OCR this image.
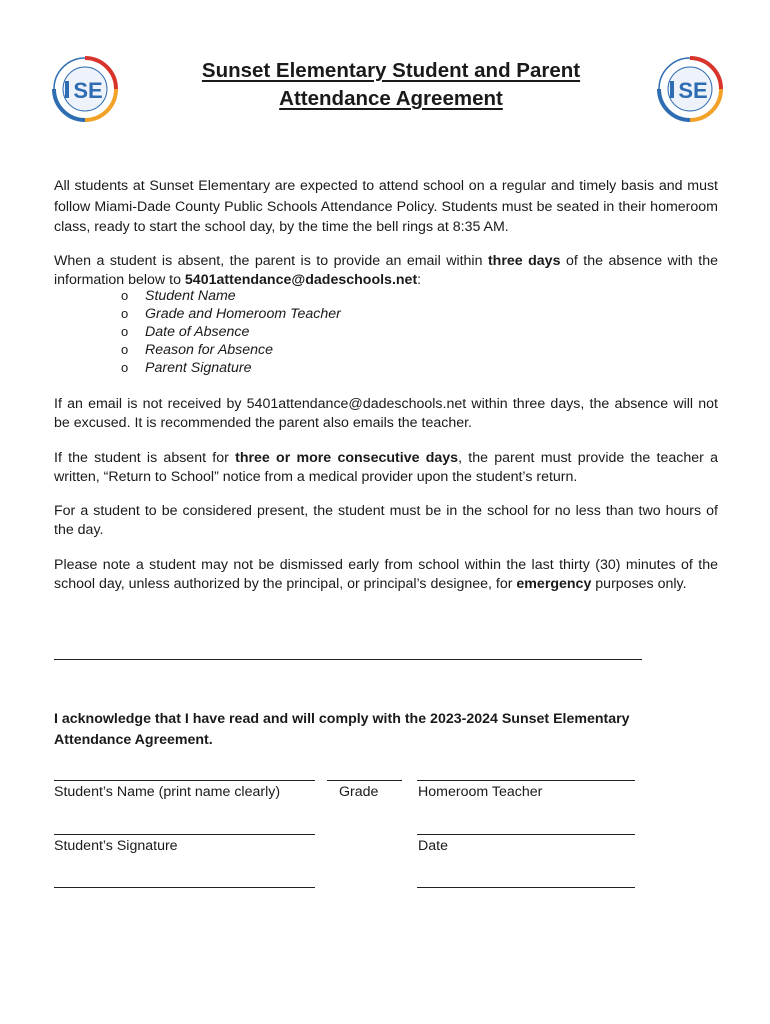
SE	SE
Sunset Elementary Student and Parent
Attendance Agreement

All students at Sunset Elementary are expected to attend school on a regular and timely basis and must follow Miami-Dade County Public Schools Attendance Policy. Students must be seated in their homeroom class, ready to start the school day, by the time the bell rings at 8:35 AM.

When a student is absent, the parent is to provide an email within three days of the absence with the information below to 5401attendance@dadeschools.net:

o Student Name
o Grade and Homeroom Teacher
o Date of Absence
o Reason for Absence
o Parent Signature

If an email is not received by 5401attendance@dadeschools.net within three days, the absence will not be excused. It is recommended the parent also emails the teacher.

If the student is absent for three or more consecutive days, the parent must provide the teacher a written, “Return to School” notice from a medical provider upon the student’s return.

For a student to be considered present, the student must be in the school for no less than two hours of the day.

Please note a student may not be dismissed early from school within the last thirty (30) minutes of the school day, unless authorized by the principal, or principal’s designee, for emergency purposes only.

I acknowledge that I have read and will comply with the 2023-2024 Sunset Elementary Attendance Agreement.

Student’s Name (print name clearly)	Grade	Homeroom Teacher
Student’s Signature	Date
